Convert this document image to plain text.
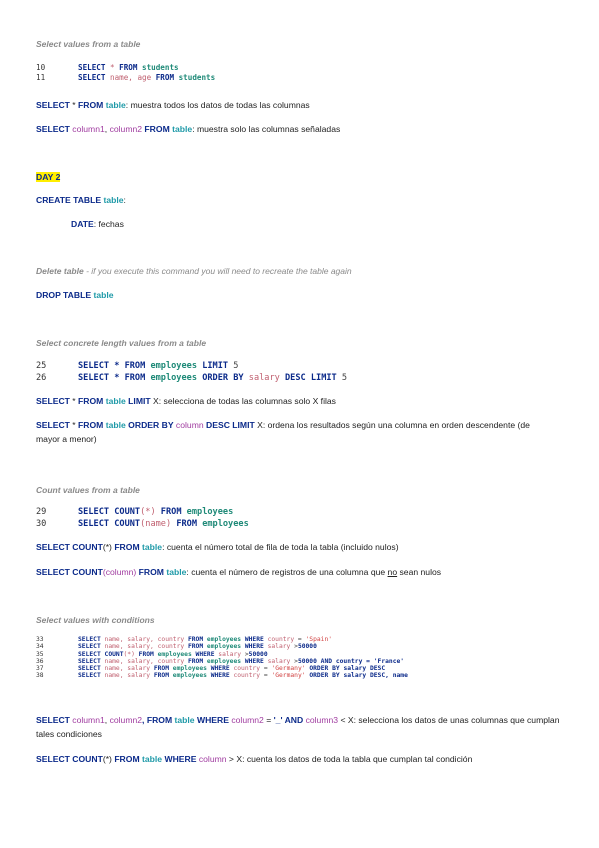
Select values from a table
10	SELECT * FROM students
11	SELECT name, age FROM students
SELECT * FROM table: muestra todos los datos de todas las columnas
SELECT column1, column2 FROM table: muestra solo las columnas señaladas
DAY 2
CREATE TABLE table:
DATE: fechas
Delete table - if you execute this command you will need to recreate the table again
DROP TABLE table
Select concrete length values from a table
25	SELECT * FROM employees LIMIT 5
26	SELECT * FROM employees ORDER BY salary DESC LIMIT 5
SELECT * FROM table LIMIT X: selecciona de todas las columnas solo X filas
SELECT * FROM table ORDER BY column DESC LIMIT X: ordena los resultados según una columna en orden descendente (de mayor a menor)
Count values from a table
29	SELECT COUNT(*) FROM employees
30	SELECT COUNT(name) FROM employees
SELECT COUNT(*) FROM table: cuenta el número total de fila de toda la tabla (incluido nulos)
SELECT COUNT(column) FROM table: cuenta el número de registros de una columna que no sean nulos
Select values with conditions
33	SELECT name, salary, country FROM employees WHERE country = 'Spain'
34	SELECT name, salary, country FROM employees WHERE salary >50000
35	SELECT COUNT(*) FROM employees WHERE salary >50000
36	SELECT name, salary, country FROM employees WHERE salary >50000 AND country = 'France'
37	SELECT name, salary FROM employees WHERE country = 'Germany' ORDER BY salary DESC
38	SELECT name, salary FROM employees WHERE country = 'Germany' ORDER BY salary DESC, name
SELECT column1, column2, FROM table WHERE column2 = '_' AND column3 < X: selecciona los datos de unas columnas que cumplan tales condiciones
SELECT COUNT(*) FROM table WHERE column > X: cuenta los datos de toda la tabla que cumplan tal condición
